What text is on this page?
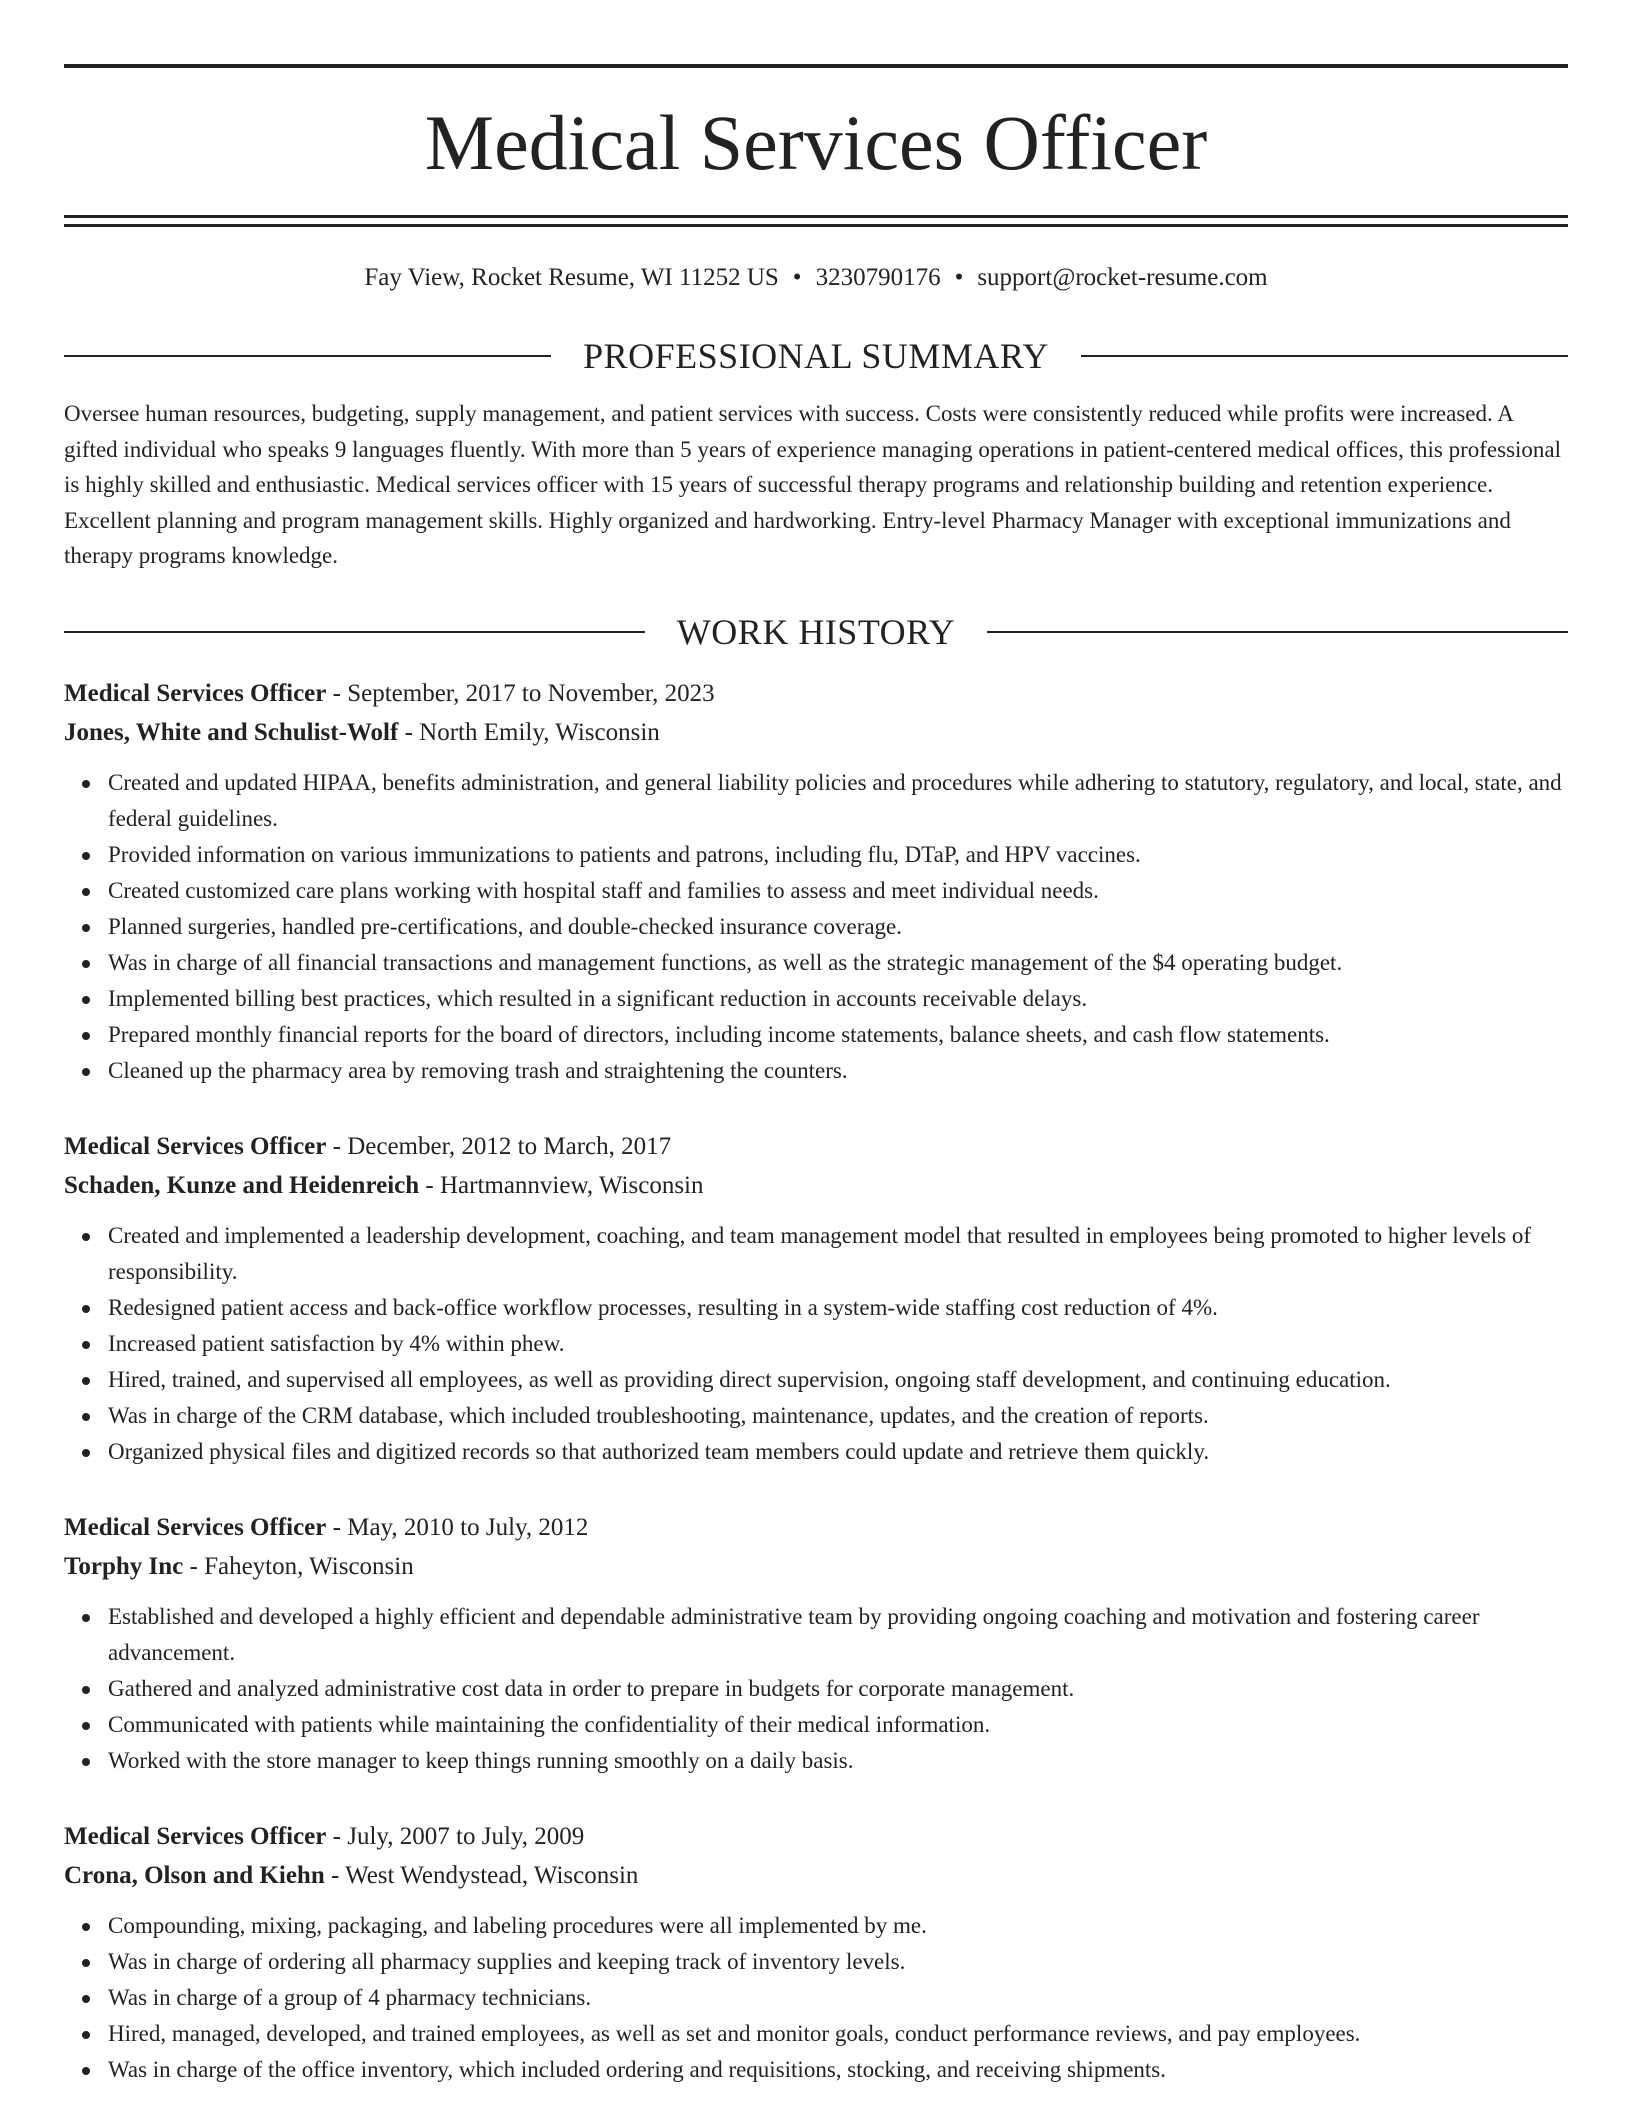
Medical Services Officer
Fay View, Rocket Resume, WI 11252 US • 3230790176 • support@rocket-resume.com
PROFESSIONAL SUMMARY

Oversee human resources, budgeting, supply management, and patient services with success. Costs were consistently reduced while profits were increased. A gifted individual who speaks 9 languages fluently. With more than 5 years of experience managing operations in patient-centered medical offices, this professional is highly skilled and enthusiastic. Medical services officer with 15 years of successful therapy programs and relationship building and retention experience. Excellent planning and program management skills. Highly organized and hardworking. Entry-level Pharmacy Manager with exceptional immunizations and therapy programs knowledge.

WORK HISTORY
Medical Services Officer - September, 2017 to November, 2023
Jones, White and Schulist-Wolf - North Emily, Wisconsin
Created and updated HIPAA, benefits administration, and general liability policies and procedures while adhering to statutory, regulatory, and local, state, and federal guidelines.
Provided information on various immunizations to patients and patrons, including flu, DTaP, and HPV vaccines.
Created customized care plans working with hospital staff and families to assess and meet individual needs.
Planned surgeries, handled pre-certifications, and double-checked insurance coverage.
Was in charge of all financial transactions and management functions, as well as the strategic management of the $4 operating budget.
Implemented billing best practices, which resulted in a significant reduction in accounts receivable delays.
Prepared monthly financial reports for the board of directors, including income statements, balance sheets, and cash flow statements.
Cleaned up the pharmacy area by removing trash and straightening the counters.
Medical Services Officer - December, 2012 to March, 2017
Schaden, Kunze and Heidenreich - Hartmannview, Wisconsin
Created and implemented a leadership development, coaching, and team management model that resulted in employees being promoted to higher levels of responsibility.
Redesigned patient access and back-office workflow processes, resulting in a system-wide staffing cost reduction of 4%.
Increased patient satisfaction by 4% within phew.
Hired, trained, and supervised all employees, as well as providing direct supervision, ongoing staff development, and continuing education.
Was in charge of the CRM database, which included troubleshooting, maintenance, updates, and the creation of reports.
Organized physical files and digitized records so that authorized team members could update and retrieve them quickly.
Medical Services Officer - May, 2010 to July, 2012
Torphy Inc - Faheyton, Wisconsin
Established and developed a highly efficient and dependable administrative team by providing ongoing coaching and motivation and fostering career advancement.
Gathered and analyzed administrative cost data in order to prepare in budgets for corporate management.
Communicated with patients while maintaining the confidentiality of their medical information.
Worked with the store manager to keep things running smoothly on a daily basis.
Medical Services Officer - July, 2007 to July, 2009
Crona, Olson and Kiehn - West Wendystead, Wisconsin
Compounding, mixing, packaging, and labeling procedures were all implemented by me.
Was in charge of ordering all pharmacy supplies and keeping track of inventory levels.
Was in charge of a group of 4 pharmacy technicians.
Hired, managed, developed, and trained employees, as well as set and monitor goals, conduct performance reviews, and pay employees.
Was in charge of the office inventory, which included ordering and requisitions, stocking, and receiving shipments.
